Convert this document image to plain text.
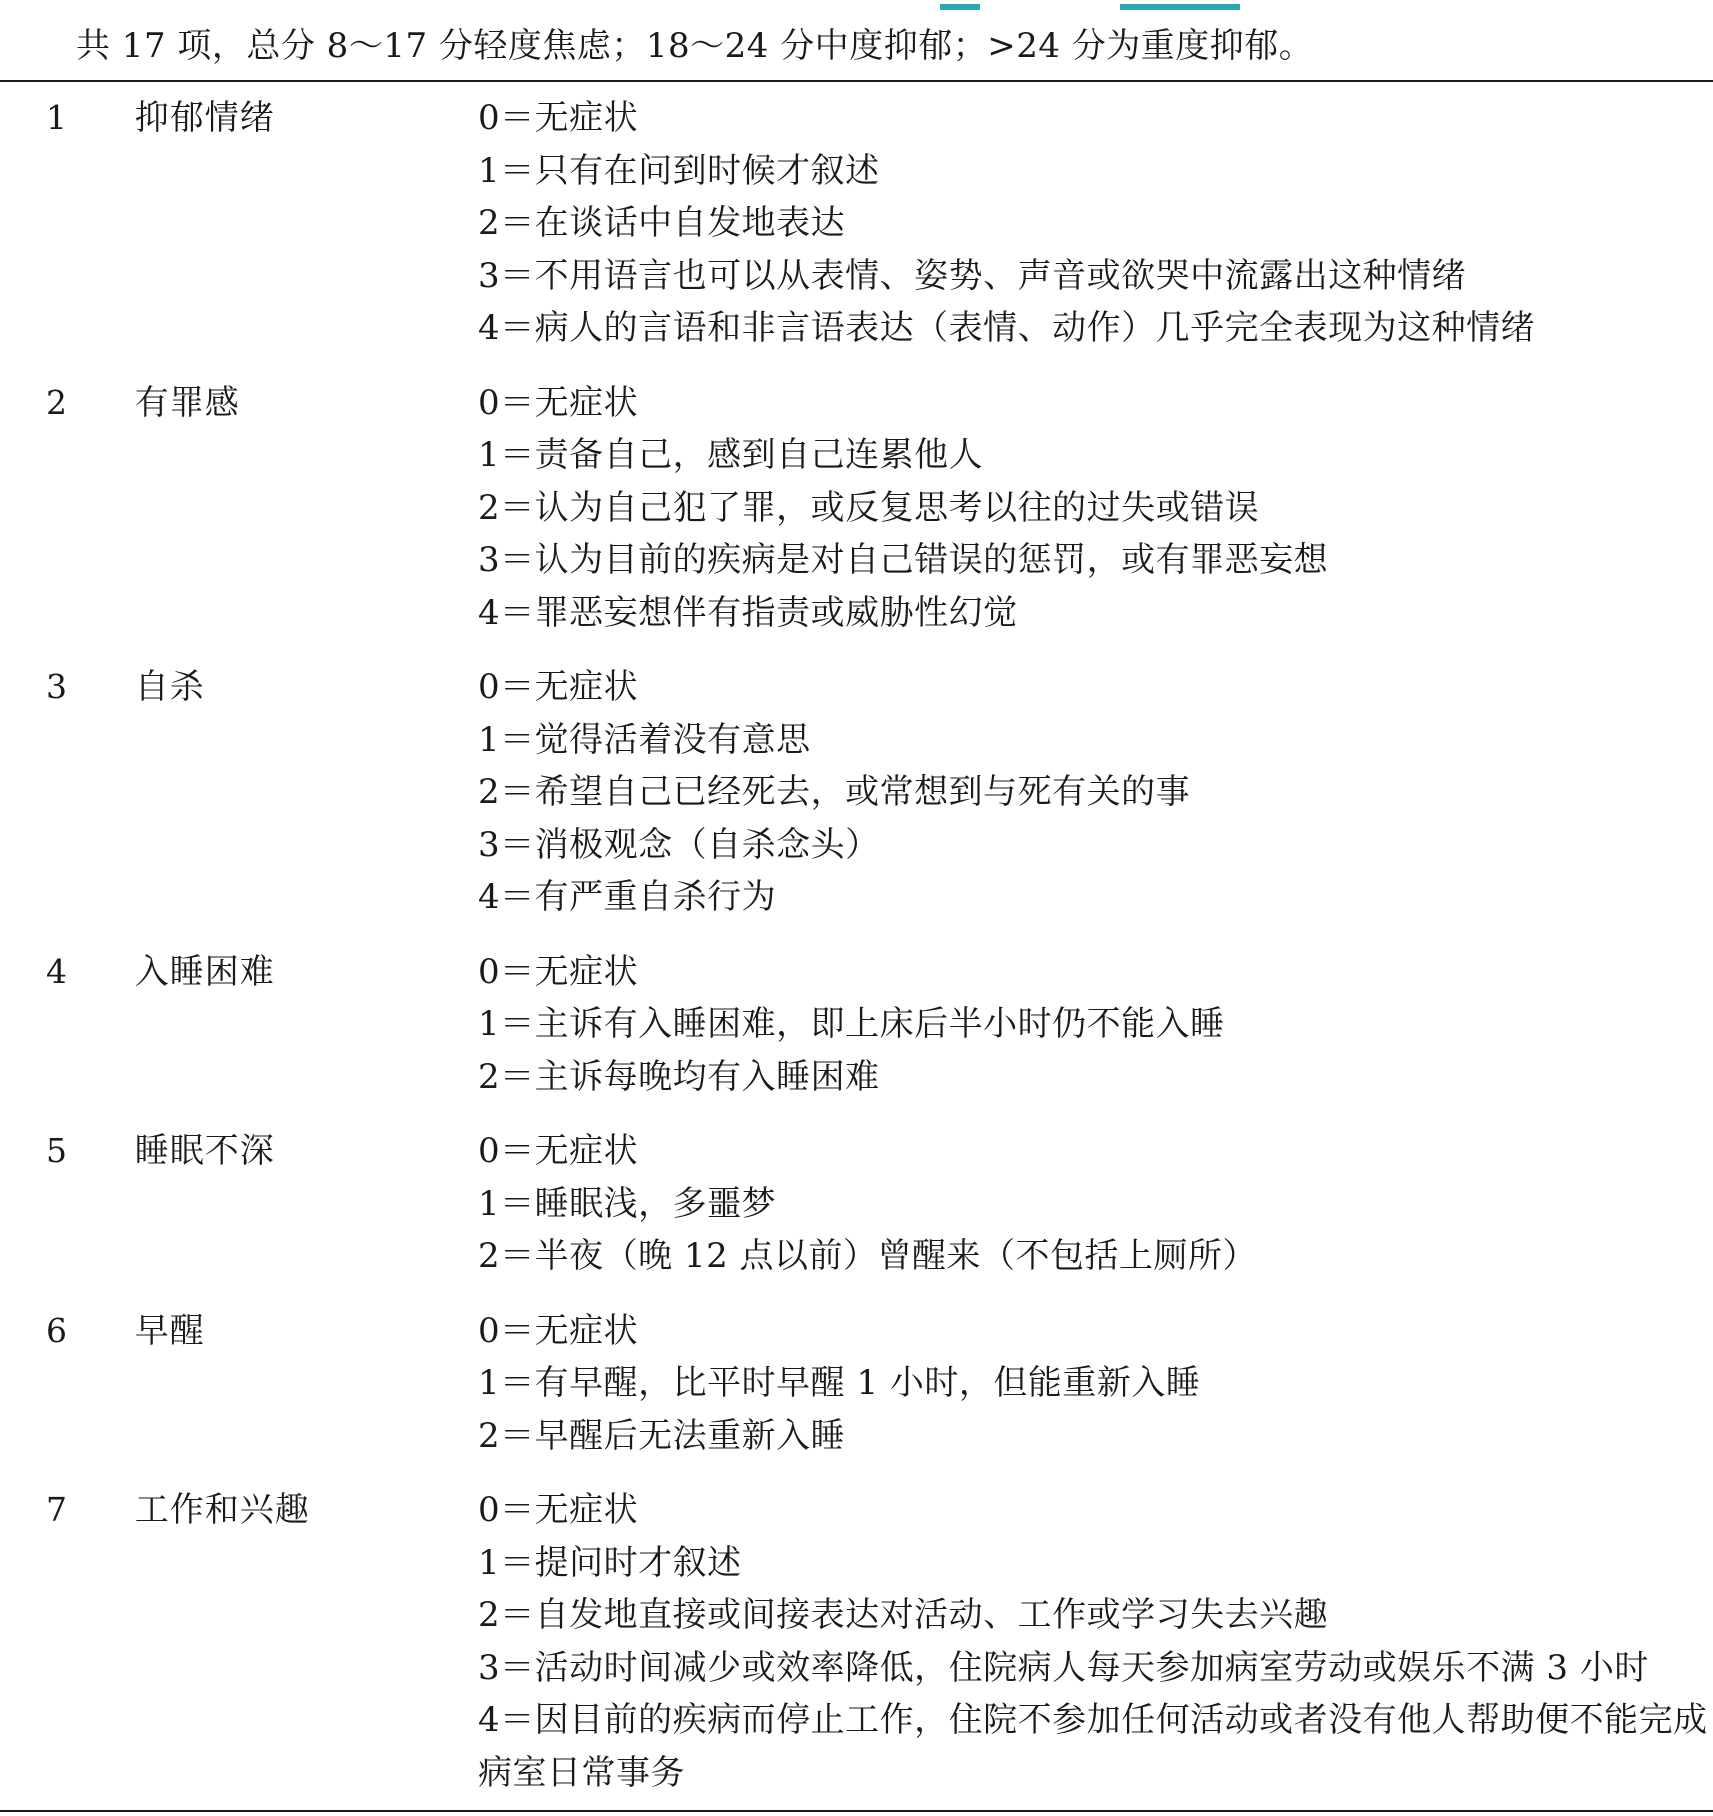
共 17 项，总分 8～17 分轻度焦虑；18～24 分中度抑郁；>24 分为重度抑郁。
1	抑郁情绪	0＝无症状
1＝只有在问到时候才叙述
2＝在谈话中自发地表达
3＝不用语言也可以从表情、姿势、声音或欲哭中流露出这种情绪
4＝病人的言语和非言语表达（表情、动作）几乎完全表现为这种情绪
2	有罪感	0＝无症状
1＝责备自己，感到自己连累他人
2＝认为自己犯了罪，或反复思考以往的过失或错误
3＝认为目前的疾病是对自己错误的惩罚，或有罪恶妄想
4＝罪恶妄想伴有指责或威胁性幻觉
3	自杀	0＝无症状
1＝觉得活着没有意思
2＝希望自己已经死去，或常想到与死有关的事
3＝消极观念（自杀念头）
4＝有严重自杀行为
4	入睡困难	0＝无症状
1＝主诉有入睡困难，即上床后半小时仍不能入睡
2＝主诉每晚均有入睡困难
5	睡眠不深	0＝无症状
1＝睡眠浅，多噩梦
2＝半夜（晚 12 点以前）曾醒来（不包括上厕所）
6	早醒	0＝无症状
1＝有早醒，比平时早醒 1 小时，但能重新入睡
2＝早醒后无法重新入睡
7	工作和兴趣	0＝无症状
1＝提问时才叙述
2＝自发地直接或间接表达对活动、工作或学习失去兴趣
3＝活动时间减少或效率降低，住院病人每天参加病室劳动或娱乐不满 3 小时
4＝因目前的疾病而停止工作，住院不参加任何活动或者没有他人帮助便不能完成病室日常事务
